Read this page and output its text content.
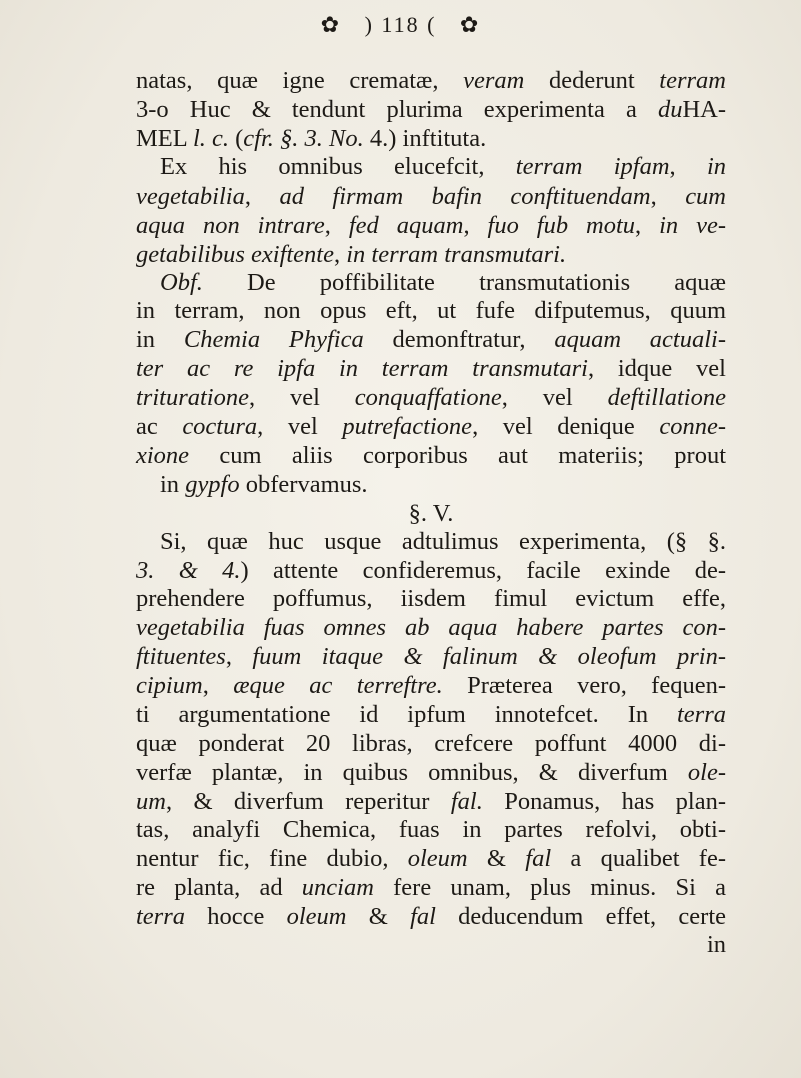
✿ ) 118 ( ✿
natas, quæ igne crematæ, veram dederunt terram
3-o Huc & tendunt plurima experimenta a duHA-
MEL l. c. (cfr. §. 3. No. 4.) inftituta.
Ex his omnibus elucefcit, terram ipfam, in
vegetabilia, ad firmam bafin conftituendam, cum
aqua non intrare, fed aquam, fuo fub motu, in ve-
getabilibus exiftente, in terram transmutari.
Obf. De poffibilitate transmutationis aquæ
in terram, non opus eft, ut fufe difputemus, quum
in Chemia Phyfica demonftratur, aquam actuali-
ter ac re ipfa in terram transmutari, idque vel
trituratione, vel conquaffatione, vel deftillatione
ac coctura, vel putrefactione, vel denique conne-
xione cum aliis corporibus aut materiis; prout
in gypfo obfervamus.
§. V.
Si, quæ huc usque adtulimus experimenta, (§ §.
3. & 4.) attente confideremus, facile exinde de-
prehendere poffumus, iisdem fimul evictum effe,
vegetabilia fuas omnes ab aqua habere partes con-
ftituentes, fuum itaque & falinum & oleofum prin-
cipium, æque ac terreftre. Præterea vero, fequen-
ti argumentatione id ipfum innotefcet. In terra
quæ ponderat 20 libras, crefcere poffunt 4000 di-
verfæ plantæ, in quibus omnibus, & diverfum ole-
um, & diverfum reperitur fal. Ponamus, has plan-
tas, analyfi Chemica, fuas in partes refolvi, obti-
nentur fic, fine dubio, oleum & fal a qualibet fe-
re planta, ad unciam fere unam, plus minus. Si a
terra hocce oleum & fal deducendum effet, certe
in
